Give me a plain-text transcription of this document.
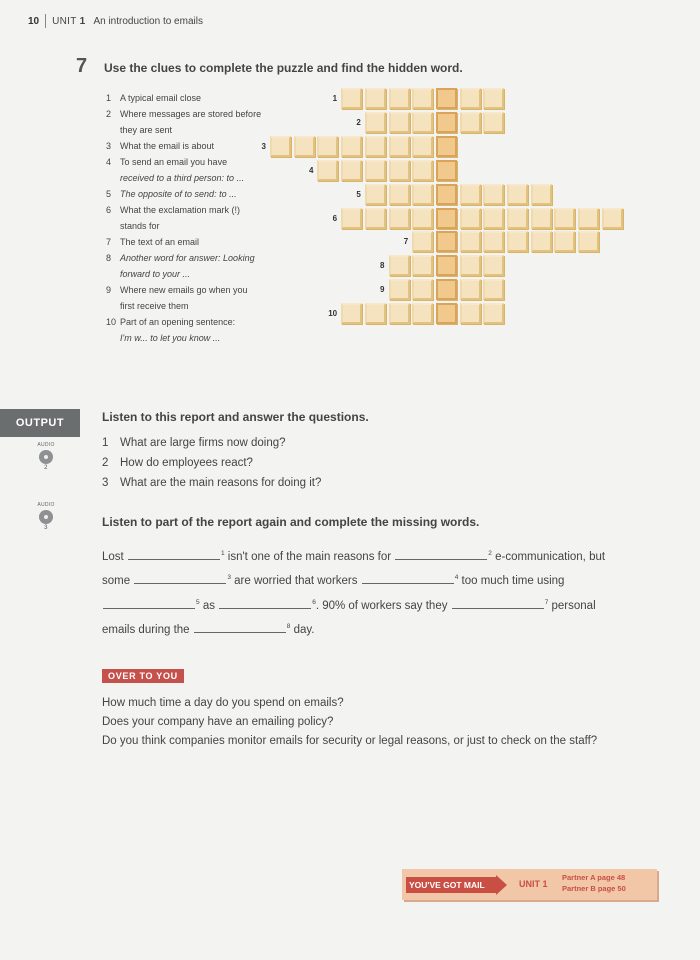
10 UNIT 1 An introduction to emails
7 Use the clues to complete the puzzle and find the hidden word.
1 A typical email close
2 Where messages are stored before
they are sent
3 What the email is about
4 To send an email you have
received to a third person: to ...
5 The opposite of to send: to ...
6 What the exclamation mark (!)
stands for
7 The text of an email
8 Another word for answer: Looking
forward to your ...
9 Where new emails go when you
first receive them
10 Part of an opening sentence:
I'm w... to let you know ...
1
2
3
4
5
6
7
8
9
10
OUTPUT	Listen to this report and answer the questions.
AUDIO
2
1 What are large firms now doing?
2 How do employees react?
3 What are the main reasons for doing it?
AUDIO
3	Listen to part of the report again and complete the missing words.
Lost	$^1$ isn't one of the main reasons for	$^2$ e-communication, but
some	$^3$ are worried that workers	$^4$ too much time using
$^5$ as	$^6$. 90% of workers say they	$^7$ personal
emails during the	$^8$ day.
OVER TO YOU
How much time a day do you spend on emails?
Does your company have an emailing policy?
Do you think companies monitor emails for security or legal reasons, or just to check on the staff?
YOU'VE GOT MAIL	UNIT 1
Partner A page 48
Partner B page 50
